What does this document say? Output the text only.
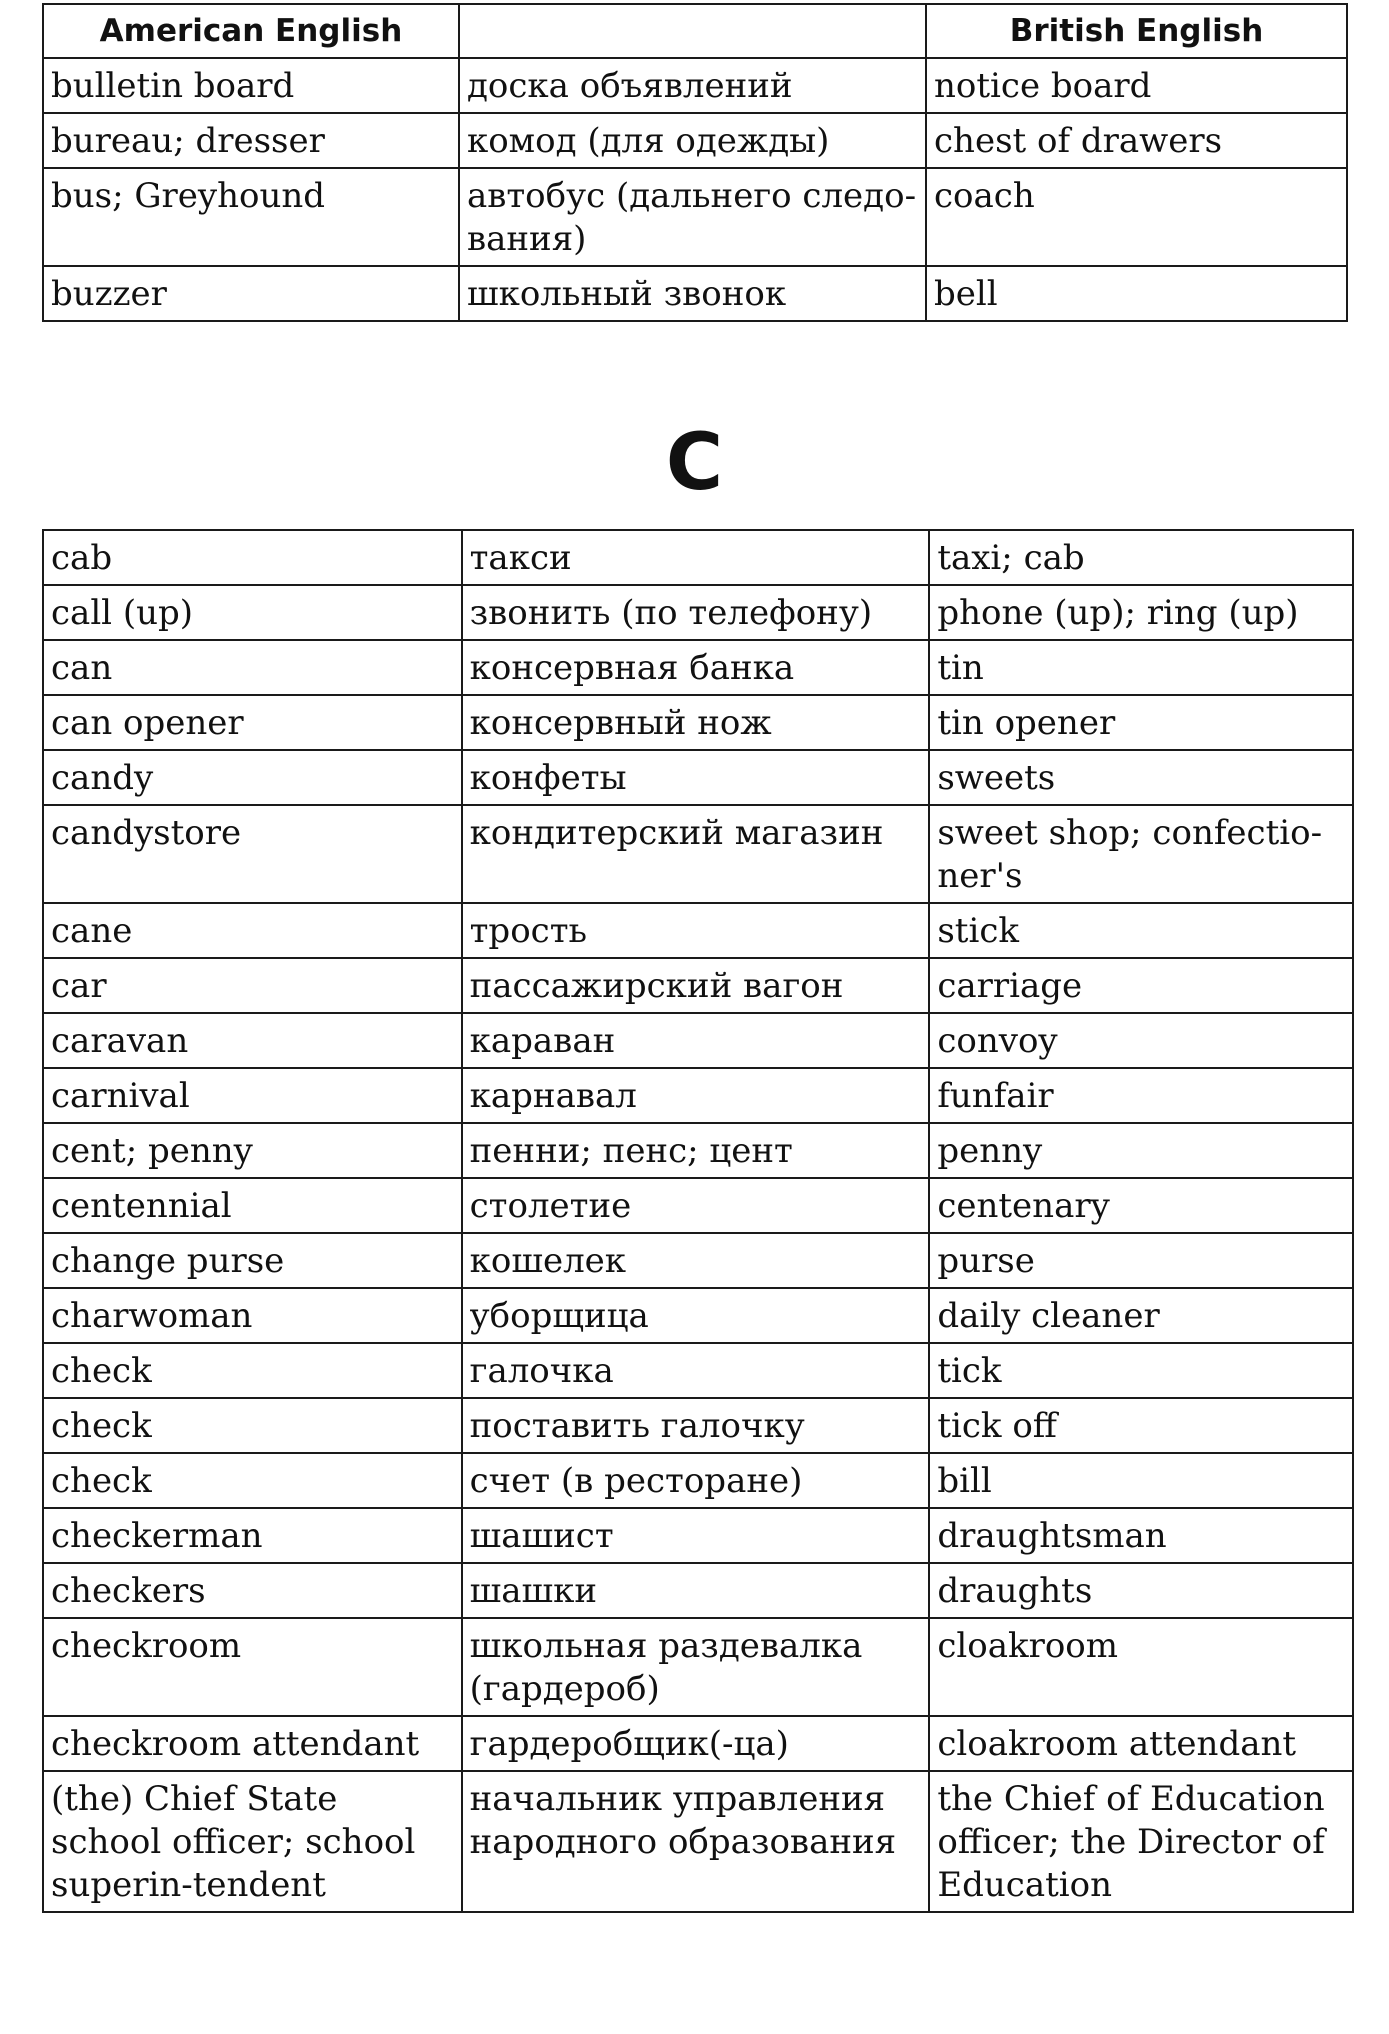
American English		British English
bulletin board	доска объявлений	notice board
bureau; dresser	комод (для одежды)	chest of drawers
bus; Greyhound	автобус (дальнего следо-вания)	coach
buzzer	школьный звонок	bell
C
cab	такси	taxi; cab
call (up)	звонить (по телефону)	phone (up); ring (up)
can	консервная банка	tin
can opener	консервный нож	tin opener
candy	конфеты	sweets
candystore	кондитерский магазин	sweet shop; confectio-ner's
cane	трость	stick
car	пассажирский вагон	carriage
caravan	караван	convoy
carnival	карнавал	funfair
cent; penny	пенни; пенс; цент	penny
centennial	столетие	centenary
change purse	кошелек	purse
charwoman	уборщица	daily cleaner
check	галочка	tick
check	поставить галочку	tick off
check	счет (в ресторане)	bill
checkerman	шашист	draughtsman
checkers	шашки	draughts
checkroom	школьная раздевалка (гардероб)	cloakroom
checkroom attendant	гардеробщик(-ца)	cloakroom attendant
(the) Chief State school officer; school superin-tendent	начальник управления народного образования	the Chief of Education officer; the Director of Education
